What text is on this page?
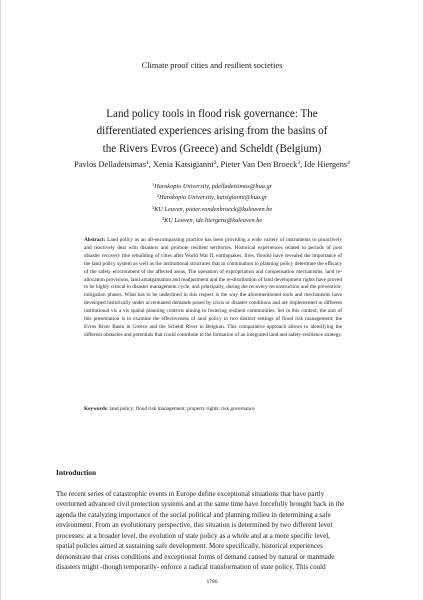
Climate proof cities and resilient societies
Land policy tools in flood risk governance: The
differentiated experiences arising from the basins of
the Rivers Evros (Greece) and Scheldt (Belgium)
Pavlos Delladetsimas$^1$, Xenia Katsigianni$^2$, Pieter Van Den Broeck$^3$, Ide Hiergens$^4$
$^1$Harokopio University, pdelladetsimas@hua.gr
$^2$Harokopio University, katsigianni@hua.gr
$^3$KU Leuven, pieter.vandenbroeck@kuleuven.be
$^4$KU Leuven, ide.hiergens@kuleuven.be
Abstract: Land policy as an all-encompassing practice has been providing a wide variety of instruments to proactively and reactively deal with disasters and promote resilient territories. Historical experiences related to periods of post disaster recovery (the rebuilding of cities after World War II, earthquakes, fires, floods) have revealed the importance of the land policy system as well as the institutional structures that in combination to planning policy determine the efficacy of the safety environment of the affected areas. The operation of expropriation and compensation mechanisms, land re-allocation provisions, land amalgamation and readjustment and the re-distribution of land development rights have proved to be highly critical in disaster management cycle, and principally, during the recovery-reconstruction and the prevention-mitigation phases. What has to be underlined in this respect is the way the aforementioned tools and mechanisms have developed historically under accentuated demands posed by crisis or disaster conditions and are implemented in different institutional vis a vis spatial planning contexts aiming to fostering resilient communities. Set in this context, the aim of this presentation is to examine the effectiveness of land policy in two distinct settings of flood risk management: the Evros River Basin in Greece and the Scheldt River in Belgium. This comparative approach allows to identifying the different obstacles and potentials that could contribute to the formation of an integrated land and safety-resilience strategy.
Keywords: land policy; flood risk management; property rights; risk governance
Introduction
The recent series of catastrophic events in Europe define exceptional situations that have partly
overturned advanced civil protection systems and at the same time have forcefully brought back in the
agenda the catalyzing importance of the social political and planning milieu in determining a safe
environment. From an evolutionary perspective, this situation is determined by two different level
processes: at a broader level, the evolution of state policy as a whole and at a more specific level,
spatial policies aimed at sustaining safe development. More specifically, historical experiences
demonstrate that crisis conditions and exceptional forms of demand caused by natural or manmade
disasters might -though temporarily- enforce a radical transformation of state policy. This could
1786
